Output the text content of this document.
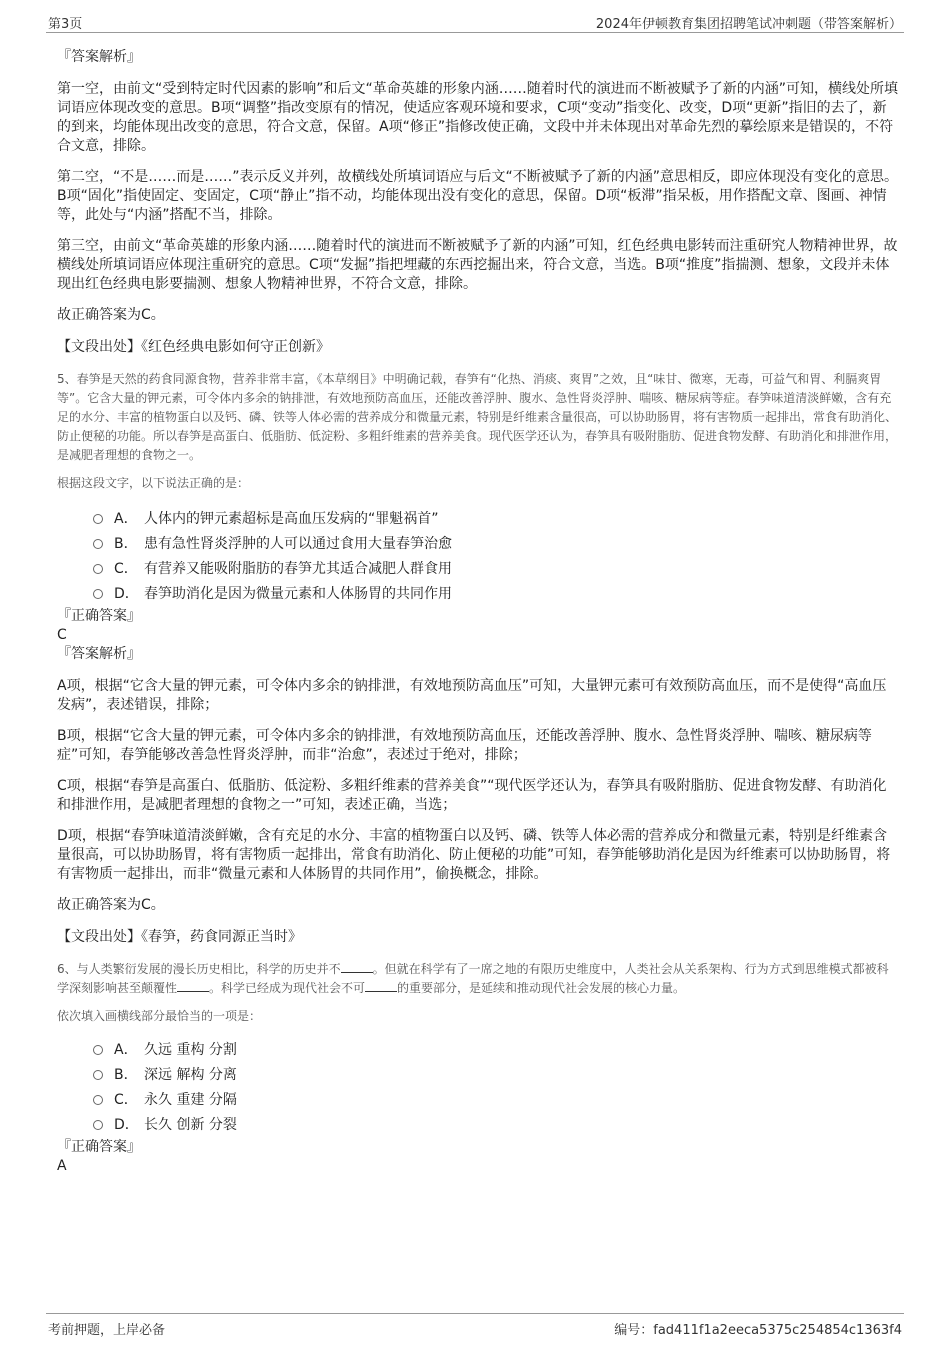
第3页	2024年伊顿教育集团招聘笔试冲刺题（带答案解析）

『答案解析』

第一空，由前文“受到特定时代因素的影响”和后文“革命英雄的形象内涵……随着时代的演进而不断被赋予了新的内涵”可知，横线处所填词语应体现改变的意思。B项“调整”指改变原有的情况，使适应客观环境和要求，C项“变动”指变化、改变，D项“更新”指旧的去了，新的到来，均能体现出改变的意思，符合文意，保留。A项“修正”指修改使正确，文段中并未体现出对革命先烈的摹绘原来是错误的，不符合文意，排除。

第二空，“不是……而是……”表示反义并列，故横线处所填词语应与后文“不断被赋予了新的内涵”意思相反，即应体现没有变化的意思。B项“固化”指使固定、变固定，C项“静止”指不动，均能体现出没有变化的意思，保留。D项“板滞”指呆板，用作搭配文章、图画、神情等，此处与“内涵”搭配不当，排除。

第三空，由前文“革命英雄的形象内涵……随着时代的演进而不断被赋予了新的内涵”可知，红色经典电影转而注重研究人物精神世界，故横线处所填词语应体现注重研究的意思。C项“发掘”指把埋藏的东西挖掘出来，符合文意，当选。B项“推度”指揣测、想象，文段并未体现出红色经典电影要揣测、想象人物精神世界，不符合文意，排除。

故正确答案为C。

【文段出处】《红色经典电影如何守正创新》

5、春笋是天然的药食同源食物，营养非常丰富，《本草纲目》中明确记载，春笋有“化热、消痰、爽胃”之效，且“味甘、微寒，无毒，可益气和胃、利膈爽胃等”。它含大量的钾元素，可令体内多余的钠排泄，有效地预防高血压，还能改善浮肿、腹水、急性肾炎浮肿、喘咳、糖尿病等症。春笋味道清淡鲜嫩，含有充足的水分、丰富的植物蛋白以及钙、磷、铁等人体必需的营养成分和微量元素，特别是纤维素含量很高，可以协助肠胃，将有害物质一起排出，常食有助消化、防止便秘的功能。所以春笋是高蛋白、低脂肪、低淀粉、多粗纤维素的营养美食。现代医学还认为，春笋具有吸附脂肪、促进食物发酵、有助消化和排泄作用，是减肥者理想的食物之一。

根据这段文字，以下说法正确的是：

A． 人体内的钾元素超标是高血压发病的“罪魁祸首”
B． 患有急性肾炎浮肿的人可以通过食用大量春笋治愈
C． 有营养又能吸附脂肪的春笋尤其适合减肥人群食用
D． 春笋助消化是因为微量元素和人体肠胃的共同作用

『正确答案』

C

『答案解析』

A项，根据“它含大量的钾元素，可令体内多余的钠排泄，有效地预防高血压”可知，大量钾元素可有效预防高血压，而不是使得“高血压发病”，表述错误，排除；

B项，根据“它含大量的钾元素，可令体内多余的钠排泄，有效地预防高血压，还能改善浮肿、腹水、急性肾炎浮肿、喘咳、糖尿病等症”可知，春笋能够改善急性肾炎浮肿，而非“治愈”，表述过于绝对，排除；

C项，根据“春笋是高蛋白、低脂肪、低淀粉、多粗纤维素的营养美食”“现代医学还认为，春笋具有吸附脂肪、促进食物发酵、有助消化和排泄作用，是减肥者理想的食物之一”可知，表述正确，当选；

D项，根据“春笋味道清淡鲜嫩，含有充足的水分、丰富的植物蛋白以及钙、磷、铁等人体必需的营养成分和微量元素，特别是纤维素含量很高，可以协助肠胃，将有害物质一起排出，常食有助消化、防止便秘的功能”可知，春笋能够助消化是因为纤维素可以协助肠胃，将有害物质一起排出，而非“微量元素和人体肠胃的共同作用”，偷换概念，排除。

故正确答案为C。

【文段出处】《春笋，药食同源正当时》

6、与人类繁衍发展的漫长历史相比，科学的历史并不	。但就在科学有了一席之地的有限历史维度中，人类社会从关系架构、行为方式到思维模式都被科学深刻影响甚至颠覆性	。科学已经成为现代社会不可	的重要部分，是延续和推动现代社会发展的核心力量。

依次填入画横线部分最恰当的一项是：

A． 久远 重构 分割
B． 深远 解构 分离
C． 永久 重建 分隔
D． 长久 创新 分裂

『正确答案』

A

考前押题，上岸必备	编号：fad411f1a2eeca5375c254854c1363f4
